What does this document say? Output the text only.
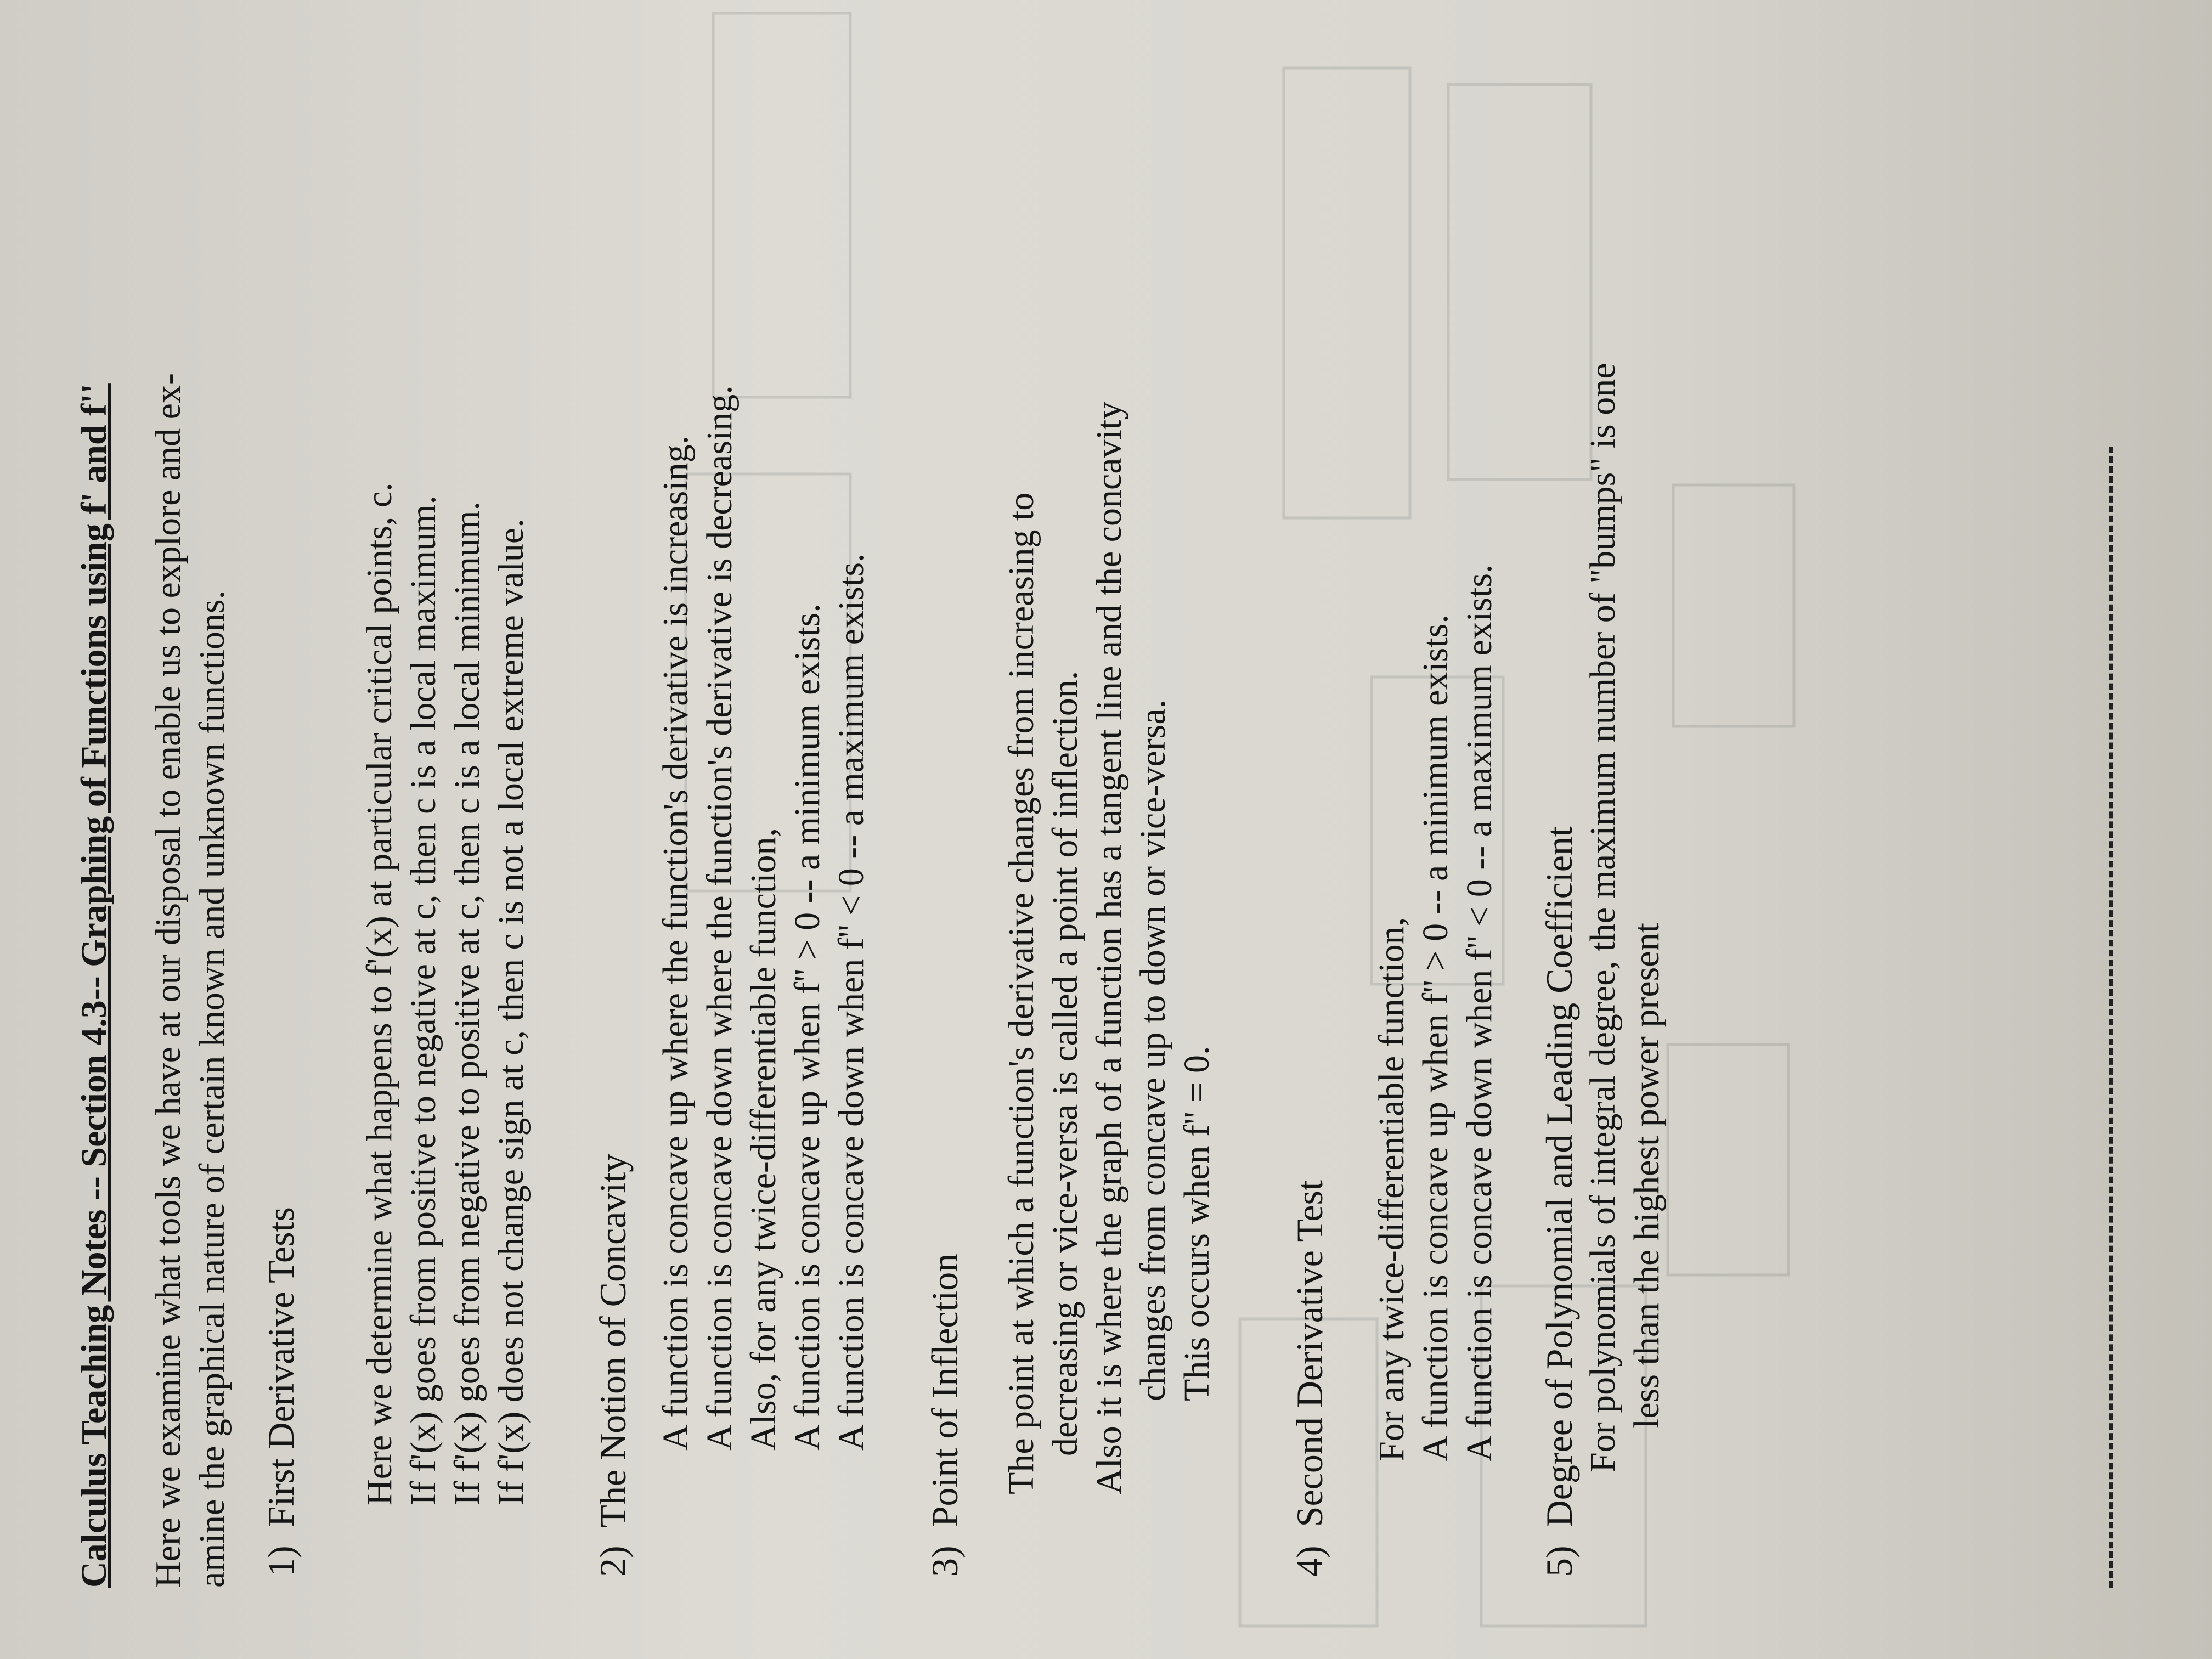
Calculus Teaching Notes -- Section 4.3-- Graphing of Functions using f' and f'' Here we examine what tools we have at our disposal to enable us to explore and ex- amine the graphical nature of certain known and unknown functions. 1)  First Derivative Tests Here we determine what happens to f'(x) at particular critical points, c. If f'(x) goes from positive to negative at c, then c is a local maximum. If f'(x) goes from negative to positive at c, then c is a local minimum. If f'(x) does not change sign at c, then c is not a local extreme value. 2)  The Notion of Concavity A function is concave up where the function's derivative is increasing. A function is concave down where the function's derivative is decreasing. Also, for any twice-differentiable function, A function is concave up when f'' > 0 -- a minimum exists. A function is concave down when f'' < 0 -- a maximum exists. 3)  Point of Inflection The point at which a function's derivative changes from increasing to decreasing or vice-versa is called a point of inflection. Also it is where the graph of a function has a tangent line and the concavity changes from concave up to down or vice-versa. This occurs when f'' = 0. 4)  Second Derivative Test For any twice-differentiable function, A function is concave up when f'' > 0 -- a minimum exists. A function is concave down when f'' < 0 -- a maximum exists. 5)  Degree of Polynomial and Leading Coefficient For polynomials of integral degree, the maximum number of "bumps" is one less than the highest power present
